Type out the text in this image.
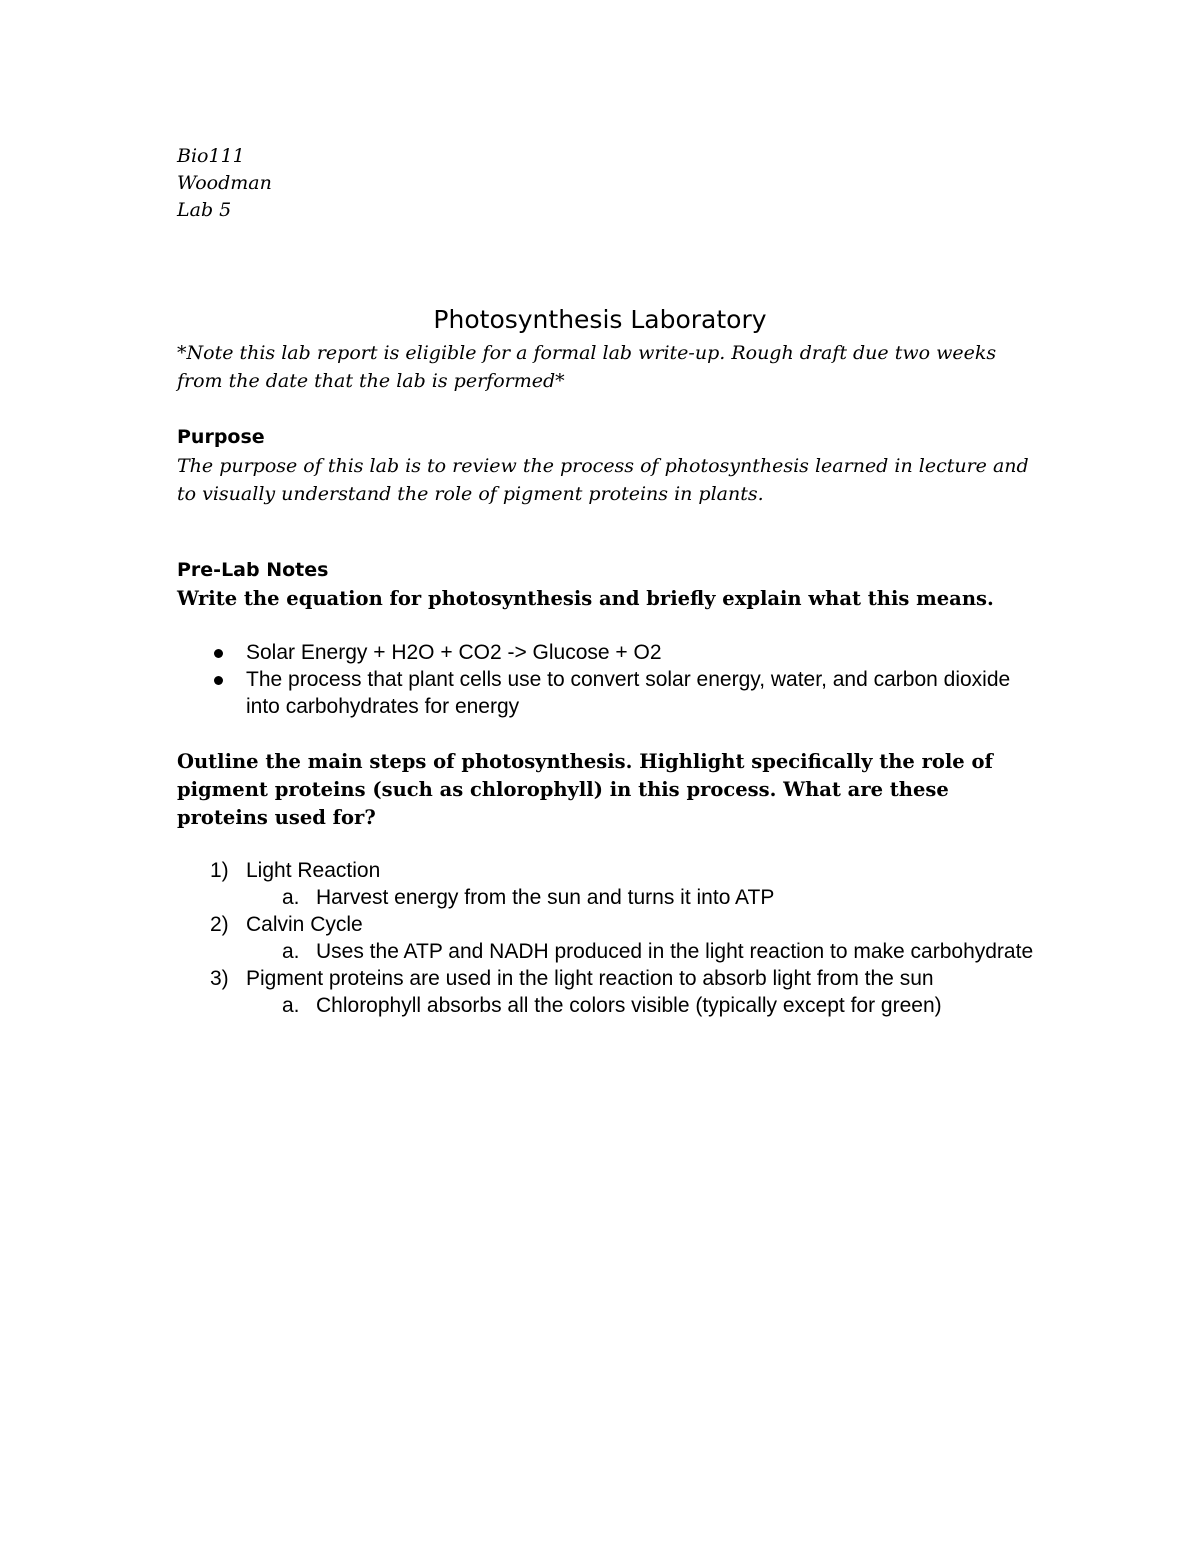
Bio111
Woodman
Lab 5
Photosynthesis Laboratory
*Note this lab report is eligible for a formal lab write-up. Rough draft due two weeks from the date that the lab is performed*
Purpose
The purpose of this lab is to review the process of photosynthesis learned in lecture and to visually understand the role of pigment proteins in plants.
Pre-Lab Notes
Write the equation for photosynthesis and briefly explain what this means.
Solar Energy + H2O + CO2 -> Glucose + O2
The process that plant cells use to convert solar energy, water, and carbon dioxide into carbohydrates for energy
Outline the main steps of photosynthesis. Highlight specifically the role of pigment proteins (such as chlorophyll) in this process. What are these proteins used for?
1) Light Reaction
a. Harvest energy from the sun and turns it into ATP
2) Calvin Cycle
a. Uses the ATP and NADH produced in the light reaction to make carbohydrate
3) Pigment proteins are used in the light reaction to absorb light from the sun
a. Chlorophyll absorbs all the colors visible (typically except for green)
